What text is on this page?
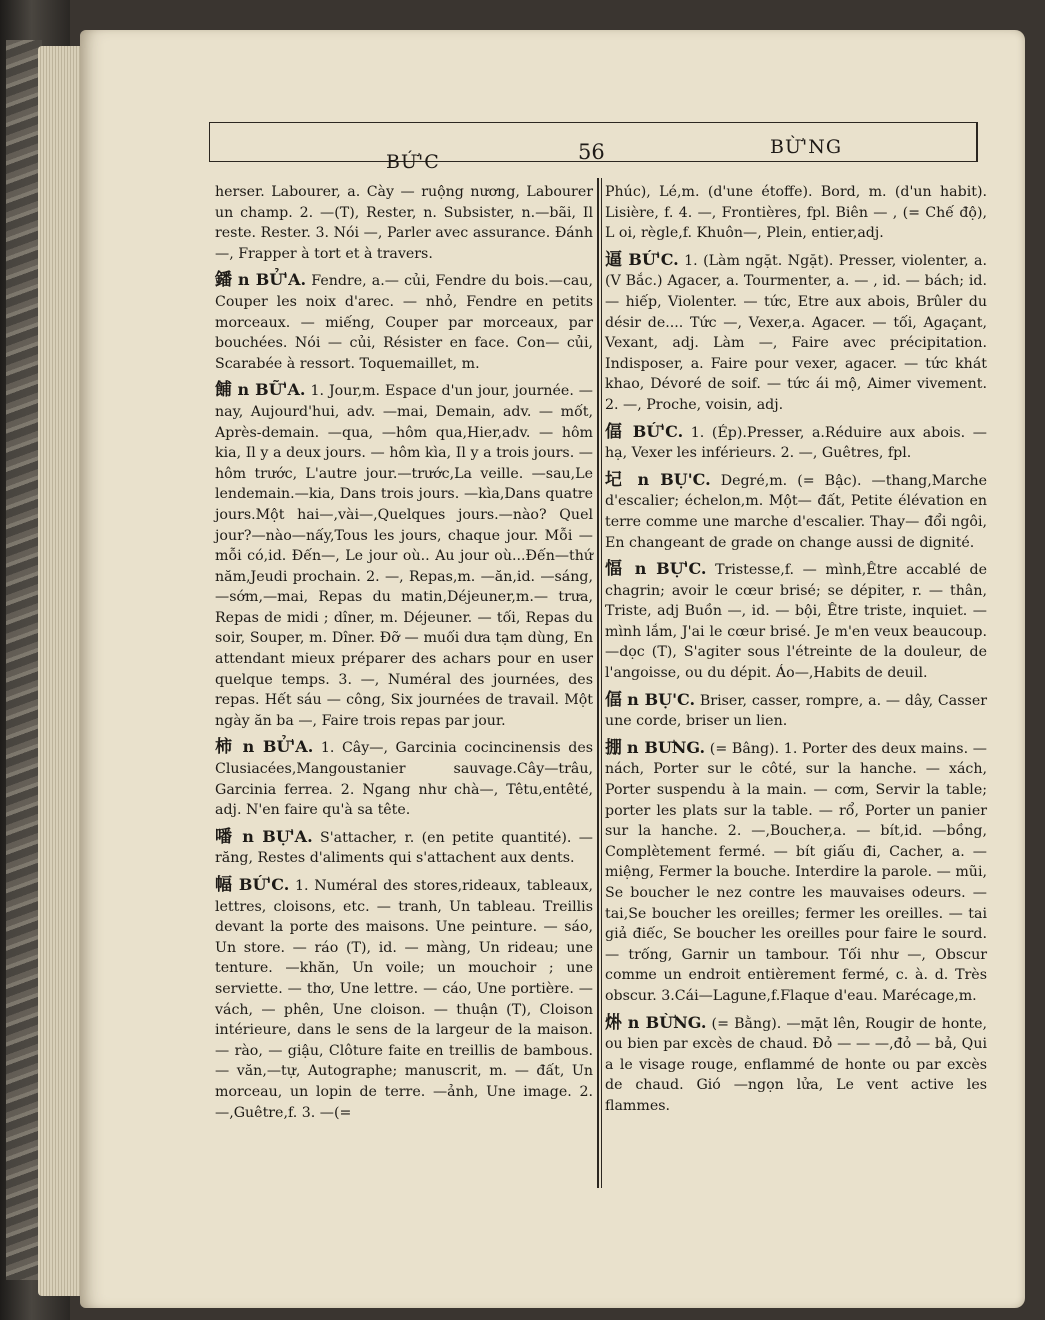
BỨ'C	56	BỪ'NG

herser. Labourer, a. Cày — ruộng nương, Labourer un champ. 2. —(T), Rester, n. Subsister, n.—bãi, Il reste. Rester. 3. Nói —, Parler avec assurance. Đánh —, Frapper à tort et à travers.

鐇 n BỬ'A. Fendre, a.— củi, Fendre du bois.—cau, Couper les noix d'arec. — nhỏ, Fendre en petits morceaux. — miếng, Couper par morceaux, par bouchées. Nói — củi, Résister en face. Con— củi, Scarabée à ressort. Toquemaillet, m.

餔 n BỮ'A. 1. Jour,m. Espace d'un jour, journée. — nay, Aujourd'hui, adv. —mai, Demain, adv. — mốt, Après-demain. —qua, —hôm qua,Hier,adv. — hôm kia, Il y a deux jours. — hôm kìa, Il y a trois jours. — hôm trước, L'autre jour.—trước,La veille. —sau,Le lendemain.—kia, Dans trois jours. —kìa,Dans quatre jours.Một hai—,vài—,Quelques jours.—nào? Quel jour?—nào—nấy,Tous les jours, chaque jour. Mỗi —mỗi có,id. Đến—, Le jour où.. Au jour où...Đến—thứ năm,Jeudi prochain. 2. —, Repas,m. —ăn,id. —sáng, —sớm,—mai, Repas du matin,Déjeuner,m.— trưa, Repas de midi ; dîner, m. Déjeuner. — tối, Repas du soir, Souper, m. Dîner. Đỡ — muối dưa tạm dùng, En attendant mieux préparer des achars pour en user quelque temps. 3. —, Numéral des journées, des repas. Hết sáu — công, Six journées de travail. Một ngày ăn ba —, Faire trois repas par jour.

柿 n BỬ'A. 1. Cây—, Garcinia cocincinensis des Clusiacées,Mangoustanier sauvage.Cây—trâu, Garcinia ferrea. 2. Ngang như chà—, Têtu,entêté, adj. N'en faire qu'à sa tête.

噃 n BỰ'A. S'attacher, r. (en petite quantité). — răng, Restes d'aliments qui s'attachent aux dents.

幅 BỨ'C. 1. Numéral des stores,rideaux, tableaux, lettres, cloisons, etc. — tranh, Un tableau. Treillis devant la porte des maisons. Une peinture. — sáo, Un store. — ráo (T), id. — màng, Un rideau; une tenture. —khăn, Un voile; un mouchoir ; une serviette. — thơ, Une lettre. — cáo, Une portière. — vách, — phên, Une cloison. — thuận (T), Cloison intérieure, dans le sens de la largeur de la maison. — rào, — giậu, Clôture faite en treillis de bambous. — văn,—tự, Autographe; manuscrit, m. — đất, Un morceau, un lopin de terre. —ảnh, Une image. 2. —,Guêtre,f. 3. —(=

Phúc), Lé,m. (d'une étoffe). Bord, m. (d'un habit). Lisière, f. 4. —, Frontières, fpl. Biên — , (= Chế độ), L oi, règle,f. Khuôn—, Plein, entier,adj.

逼 BỨ'C. 1. (Làm ngặt. Ngặt). Presser, violenter, a. (V Bắc.) Agacer, a. Tourmenter, a. — , id. — bách; id. — hiếp, Violenter. — tức, Etre aux abois, Brûler du désir de.... Tức —, Vexer,a. Agacer. — tối, Agaçant, Vexant, adj. Làm —, Faire avec précipitation. Indisposer, a. Faire pour vexer, agacer. — tức khát khao, Dévoré de soif. — tức ái mộ, Aimer vivement. 2. —, Proche, voisin, adj.

偪 BỨ'C. 1. (Ép).Presser, a.Réduire aux abois. — hạ, Vexer les inférieurs. 2. —, Guêtres, fpl.

圮 n BỤ'C. Degré,m. (= Bậc). —thang,Marche d'escalier; échelon,m. Một— đất, Petite élévation en terre comme une marche d'escalier. Thay— đổi ngôi, En changeant de grade on change aussi de dignité.

愊 n BỰ'C. Tristesse,f. — mình,Être accablé de chagrin; avoir le cœur brisé; se dépiter, r. — thân, Triste, adj Buồn —, id. — bội, Être triste, inquiet. — mình lắm, J'ai le cœur brisé. Je m'en veux beaucoup.—dọc (T), S'agiter sous l'étreinte de la douleur, de l'angoisse, ou du dépit. Áo—,Habits de deuil.

偪 n BỤ'C. Briser, casser, rompre, a. — dây, Casser une corde, briser un lien.

掤 n BƯNG. (= Bâng). 1. Porter des deux mains. — nách, Porter sur le côté, sur la hanche. — xách, Porter suspendu à la main. — cơm, Servir la table; porter les plats sur la table. — rổ, Porter un panier sur la hanche. 2. —,Boucher,a. — bít,id. —bồng, Complètement fermé. — bít giấu đi, Cacher, a. — miệng, Fermer la bouche. Interdire la parole. — mũi, Se boucher le nez contre les mauvaises odeurs. — tai,Se boucher les oreilles; fermer les oreilles. — tai giả điếc, Se boucher les oreilles pour faire le sourd. — trống, Garnir un tambour. Tối như —, Obscur comme un endroit entièrement fermé, c. à. d. Très obscur. 3.Cái—Lagune,f.Flaque d'eau. Marécage,m.

烞 n BỪNG. (= Bằng). —mặt lên, Rougir de honte, ou bien par excès de chaud. Đỏ — — —,đỏ — bả, Qui a le visage rouge, enflammé de honte ou par excès de chaud. Gió —ngọn lửa, Le vent active les flammes.
